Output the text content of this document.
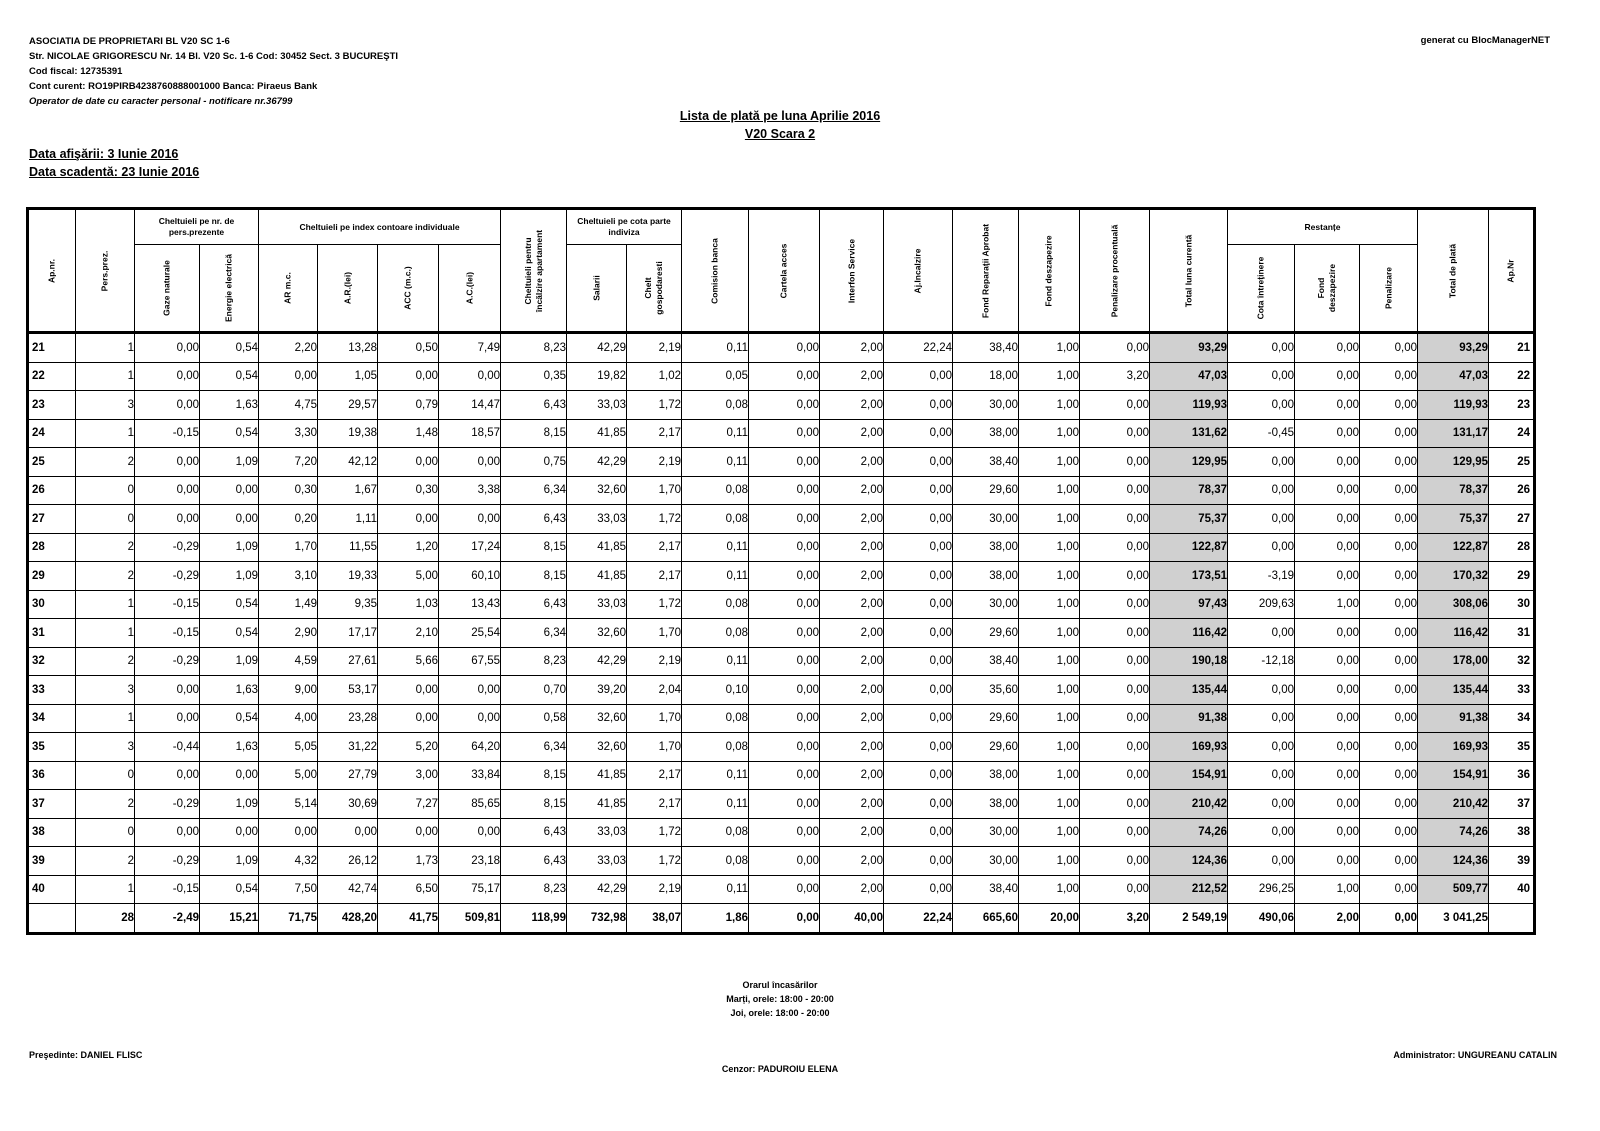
ASOCIATIA DE PROPRIETARI BL V20 SC 1-6
Str. NICOLAE GRIGORESCU Nr. 14 Bl. V20 Sc. 1-6 Cod: 30452 Sect. 3 BUCUREŞTI
Cod fiscal: 12735391
Cont curent: RO19PIRB4238760888001000 Banca: Piraeus Bank
Operator de date cu caracter personal - notificare nr.36799
generat cu BlocManagerNET
Lista de plată pe luna Aprilie 2016
V20 Scara 2
Data afişării: 3 Iunie 2016
Data scadentă: 23 Iunie 2016
Ap.nr.	Pers.prez.	Cheltuieli pe nr. de pers.prezente		Cheltuieli pe index contoare individuale				Cheltuieli pentru încălzire apartament	Cheltuieli pe cota parte indiviza		Comision banca	Cartela acces	Interfon Service	Aj.Incalzire	Fond Reparaţii Aprobat	Fond deszapezire	Penalizare procentuală	Total luna curentă	Restanțe			Total de plată	Ap.Nr

		Gaze naturale	Energie electrică	AR m.c.	A.R.(lei)	ACC (m.c.)	A.C.(lei)		Salarii	Chelt gospodaresti									Cota întreținere	Fond deszapezire	Penalizare		

21	1	0,00	0,54	2,20	13,28	0,50	7,49	8,23	42,29	2,19	0,11	0,00	2,00	22,24	38,40	1,00	0,00	93,29	0,00	0,00	0,00	93,29	21
22	1	0,00	0,54	0,00	1,05	0,00	0,00	0,35	19,82	1,02	0,05	0,00	2,00	0,00	18,00	1,00	3,20	47,03	0,00	0,00	0,00	47,03	22
23	3	0,00	1,63	4,75	29,57	0,79	14,47	6,43	33,03	1,72	0,08	0,00	2,00	0,00	30,00	1,00	0,00	119,93	0,00	0,00	0,00	119,93	23
24	1	-0,15	0,54	3,30	19,38	1,48	18,57	8,15	41,85	2,17	0,11	0,00	2,00	0,00	38,00	1,00	0,00	131,62	-0,45	0,00	0,00	131,17	24
25	2	0,00	1,09	7,20	42,12	0,00	0,00	0,75	42,29	2,19	0,11	0,00	2,00	0,00	38,40	1,00	0,00	129,95	0,00	0,00	0,00	129,95	25
26	0	0,00	0,00	0,30	1,67	0,30	3,38	6,34	32,60	1,70	0,08	0,00	2,00	0,00	29,60	1,00	0,00	78,37	0,00	0,00	0,00	78,37	26
27	0	0,00	0,00	0,20	1,11	0,00	0,00	6,43	33,03	1,72	0,08	0,00	2,00	0,00	30,00	1,00	0,00	75,37	0,00	0,00	0,00	75,37	27
28	2	-0,29	1,09	1,70	11,55	1,20	17,24	8,15	41,85	2,17	0,11	0,00	2,00	0,00	38,00	1,00	0,00	122,87	0,00	0,00	0,00	122,87	28
29	2	-0,29	1,09	3,10	19,33	5,00	60,10	8,15	41,85	2,17	0,11	0,00	2,00	0,00	38,00	1,00	0,00	173,51	-3,19	0,00	0,00	170,32	29
30	1	-0,15	0,54	1,49	9,35	1,03	13,43	6,43	33,03	1,72	0,08	0,00	2,00	0,00	30,00	1,00	0,00	97,43	209,63	1,00	0,00	308,06	30
31	1	-0,15	0,54	2,90	17,17	2,10	25,54	6,34	32,60	1,70	0,08	0,00	2,00	0,00	29,60	1,00	0,00	116,42	0,00	0,00	0,00	116,42	31
32	2	-0,29	1,09	4,59	27,61	5,66	67,55	8,23	42,29	2,19	0,11	0,00	2,00	0,00	38,40	1,00	0,00	190,18	-12,18	0,00	0,00	178,00	32
33	3	0,00	1,63	9,00	53,17	0,00	0,00	0,70	39,20	2,04	0,10	0,00	2,00	0,00	35,60	1,00	0,00	135,44	0,00	0,00	0,00	135,44	33
34	1	0,00	0,54	4,00	23,28	0,00	0,00	0,58	32,60	1,70	0,08	0,00	2,00	0,00	29,60	1,00	0,00	91,38	0,00	0,00	0,00	91,38	34
35	3	-0,44	1,63	5,05	31,22	5,20	64,20	6,34	32,60	1,70	0,08	0,00	2,00	0,00	29,60	1,00	0,00	169,93	0,00	0,00	0,00	169,93	35
36	0	0,00	0,00	5,00	27,79	3,00	33,84	8,15	41,85	2,17	0,11	0,00	2,00	0,00	38,00	1,00	0,00	154,91	0,00	0,00	0,00	154,91	36
37	2	-0,29	1,09	5,14	30,69	7,27	85,65	8,15	41,85	2,17	0,11	0,00	2,00	0,00	38,00	1,00	0,00	210,42	0,00	0,00	0,00	210,42	37
38	0	0,00	0,00	0,00	0,00	0,00	0,00	6,43	33,03	1,72	0,08	0,00	2,00	0,00	30,00	1,00	0,00	74,26	0,00	0,00	0,00	74,26	38
39	2	-0,29	1,09	4,32	26,12	1,73	23,18	6,43	33,03	1,72	0,08	0,00	2,00	0,00	30,00	1,00	0,00	124,36	0,00	0,00	0,00	124,36	39
40	1	-0,15	0,54	7,50	42,74	6,50	75,17	8,23	42,29	2,19	0,11	0,00	2,00	0,00	38,40	1,00	0,00	212,52	296,25	1,00	0,00	509,77	40
	28	-2,49	15,21	71,75	428,20	41,75	509,81	118,99	732,98	38,07	1,86	0,00	40,00	22,24	665,60	20,00	3,20	2 549,19	490,06	2,00	0,00	3 041,25	
Orarul încasărilor
Marți, orele: 18:00 - 20:00
Joi, orele: 18:00 - 20:00
Preşedinte: DANIEL FLISC
Cenzor: PADUROIU ELENA
Administrator: UNGUREANU CATALIN
